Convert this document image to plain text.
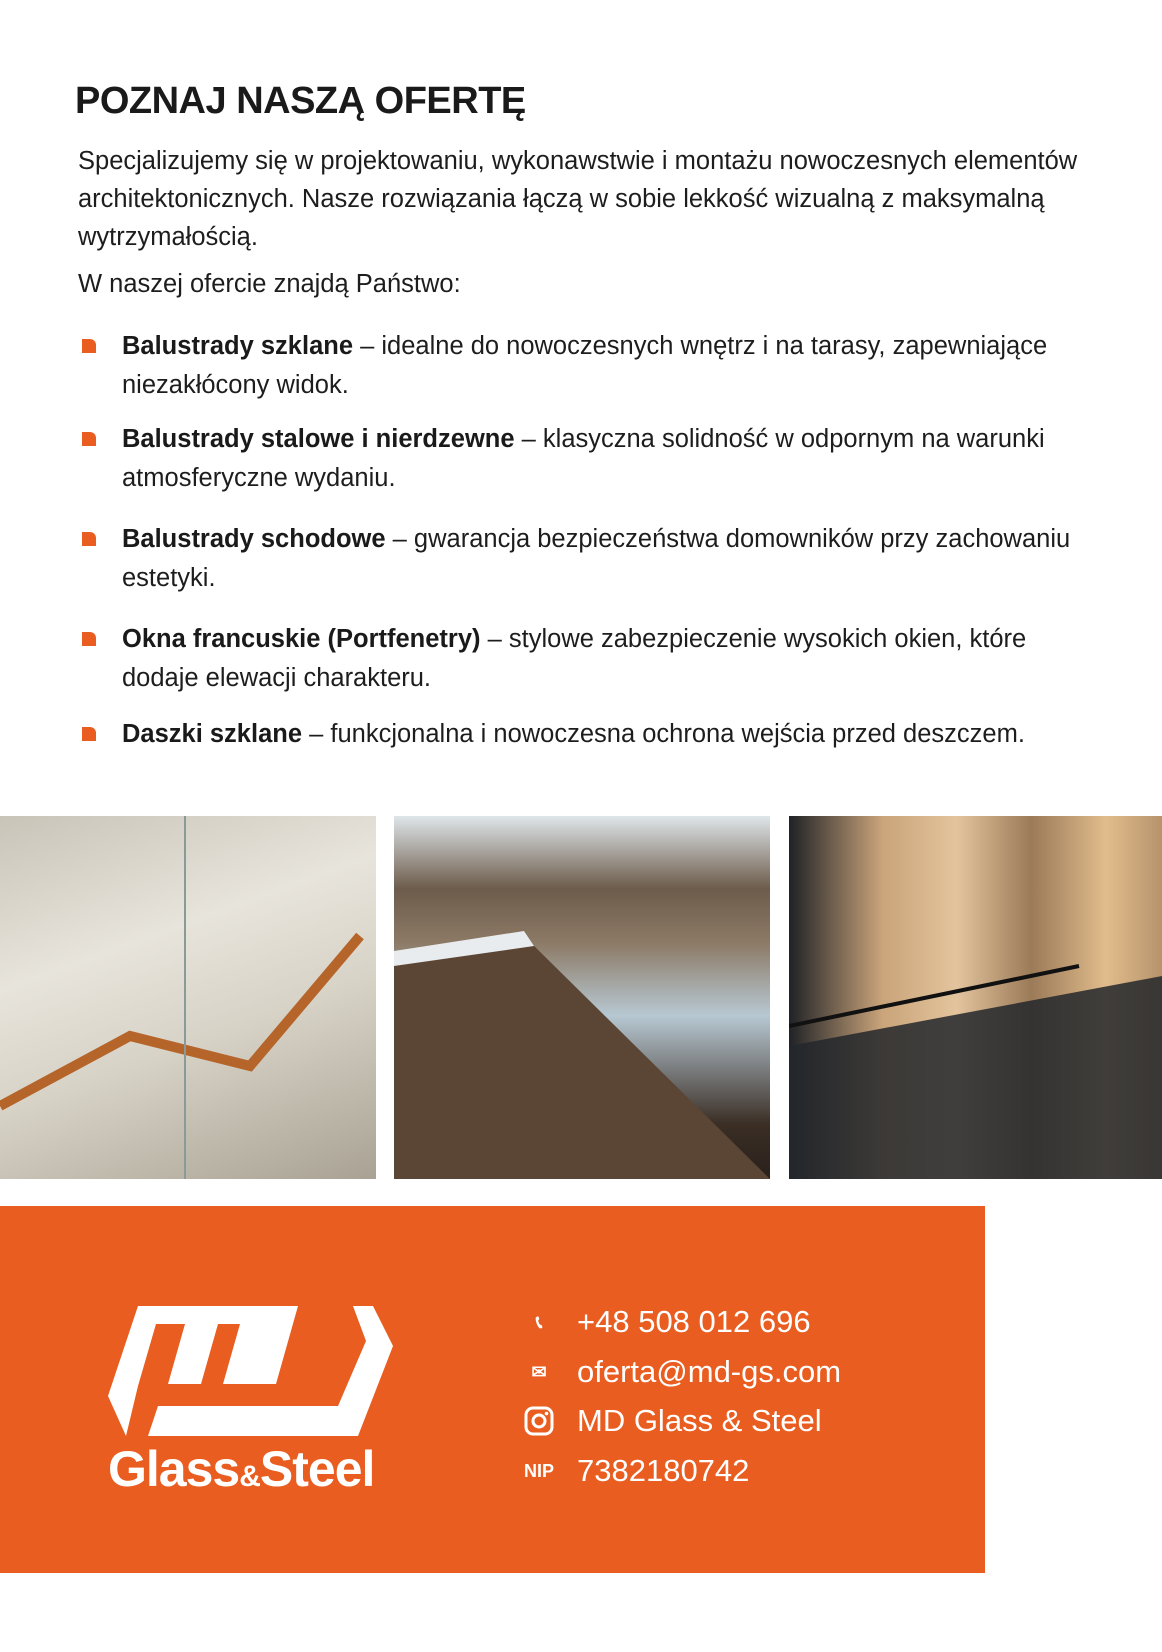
POZNAJ NASZĄ OFERTĘ

Specjalizujemy się w projektowaniu, wykonawstwie i montażu nowoczesnych elementów architektonicznych. Nasze rozwiązania łączą w sobie lekkość wizualną z maksymalną wytrzymałością.

W naszej ofercie znajdą Państwo:

Balustrady szklane – idealne do nowoczesnych wnętrz i na tarasy, zapewniające niezakłócony widok.
Balustrady stalowe i nierdzewne – klasyczna solidność w odpornym na warunki atmosferyczne wydaniu.
Balustrady schodowe – gwarancja bezpieczeństwa domowników przy zachowaniu estetyki.
Okna francuskie (Portfenetry) – stylowe zabezpieczenie wysokich okien, które dodaje elewacji charakteru.
Daszki szklane – funkcjonalna i nowoczesna ochrona wejścia przed deszczem.
Glass&Steel
📞︎	+48 508 012 696
✉ oferta@md-gs.com
MD Glass & Steel
NIP 7382180742
